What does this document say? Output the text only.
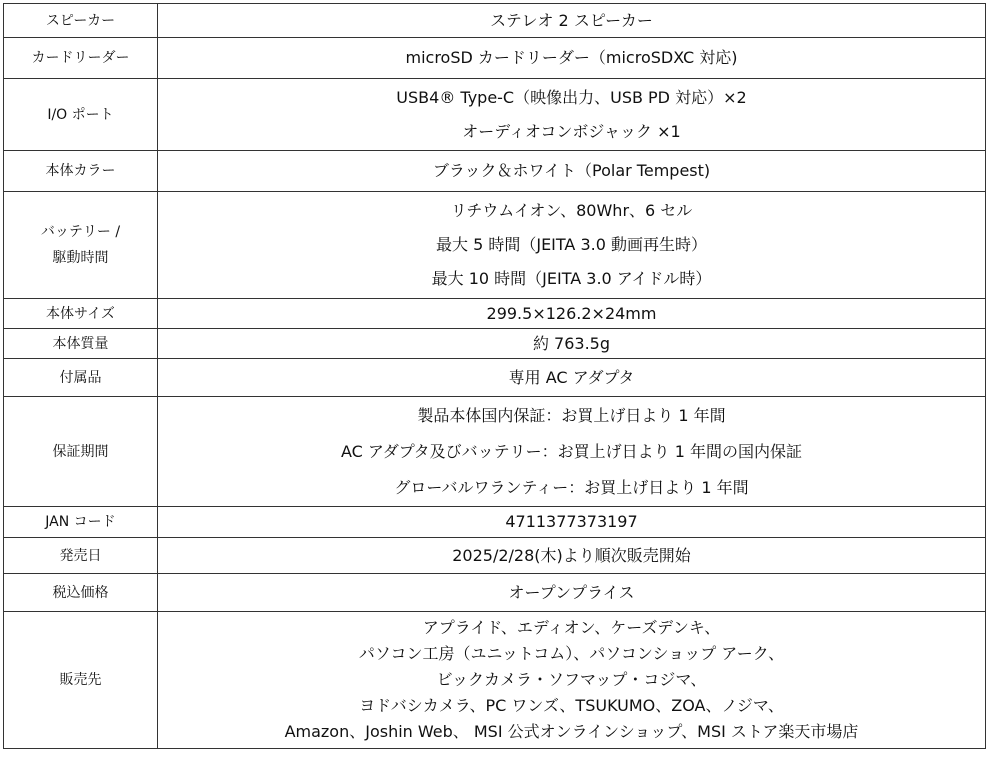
スピーカー	ステレオ 2 スピーカー

カードリーダー	microSD カードリーダー（microSDXC 対応)

I/O ポート	USB4® Type-C（映像出力、USB PD 対応）×2
オーディオコンボジャック ×1

本体カラー	ブラック＆ホワイト（Polar Tempest)

バッテリー /
駆動時間	リチウムイオン、80Whr、6 セル
最大 5 時間（JEITA 3.0 動画再生時）
最大 10 時間（JEITA 3.0 アイドル時）

本体サイズ	299.5×126.2×24mm

本体質量	約 763.5g

付属品	専用 AC アダプタ

保証期間	製品本体国内保証：お買上げ日より 1 年間
AC アダプタ及びバッテリー：お買上げ日より 1 年間の国内保証
グローバルワランティー：お買上げ日より 1 年間

JAN コード	4711377373197

発売日	2025/2/28(木)より順次販売開始

税込価格	オープンプライス

販売先	アプライド、エディオン、ケーズデンキ、
パソコン工房（ユニットコム）、パソコンショップ アーク、
ビックカメラ・ソフマップ・コジマ、
ヨドバシカメラ、PC ワンズ、TSUKUMO、ZOA、ノジマ、
Amazon、Joshin Web、 MSI 公式オンラインショップ、MSI ストア楽天市場店
